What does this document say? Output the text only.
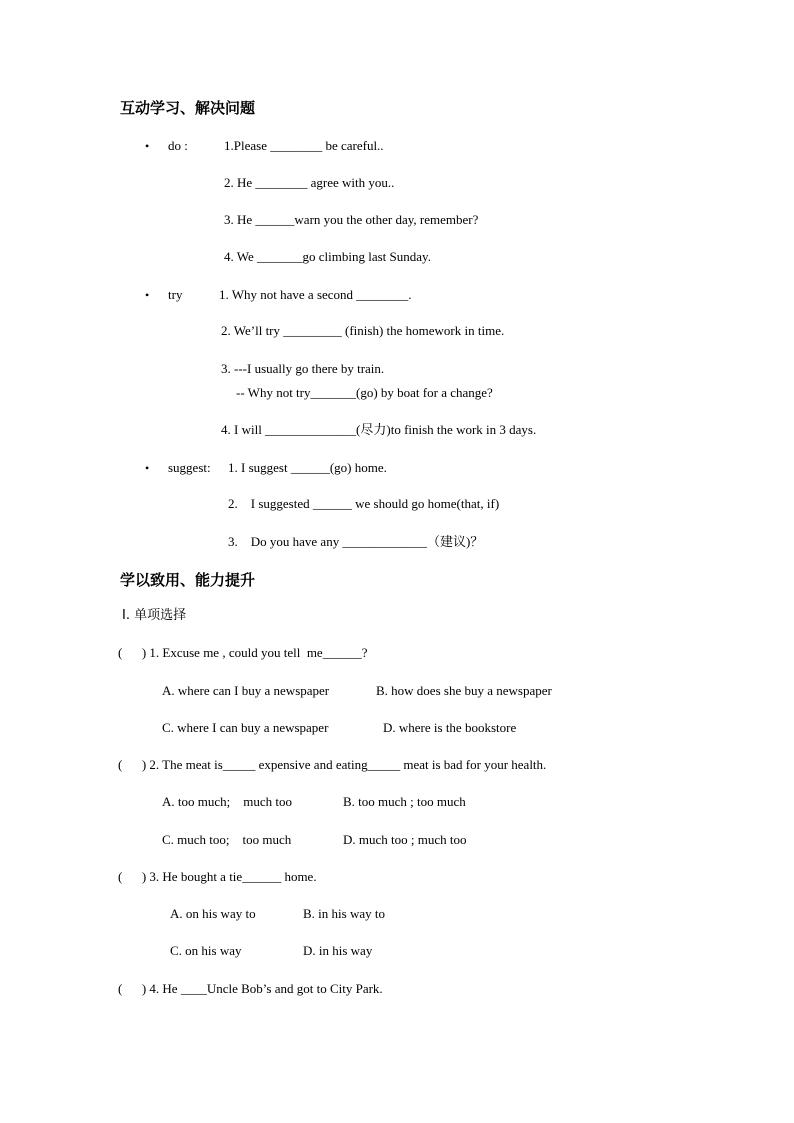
互动学习、解决问题
• do :	1.Please ________ be careful..
2. He ________ agree with you..
3. He ______warn you the other day, remember?
4. We _______go climbing last Sunday.
• try	1. Why not have a second ________.
2. We’ll try _________ (finish) the homework in time.
3. ---I usually go there by train.
-- Why not try_______(go) by boat for a change?
4. I will ______________(尽力)to finish the work in 3 days.
• suggest: 1. I suggest ______(go) home.
2.    I suggested ______ we should go home(that, if)
3.    Do you have any _____________（建议)？
学以致用、能力提升
Ⅰ. 单项选择
(      ) 1. Excuse me , could you tell  me______?
A. where can I buy a newspaper	B. how does she buy a newspaper
C. where I can buy a newspaper	D. where is the bookstore
(      ) 2. The meat is_____ expensive and eating_____ meat is bad for your health.
A. too much;    much too	B. too much ; too much
C. much too;    too much	D. much too ; much too
(      ) 3. He bought a tie______ home.
A. on his way to	B. in his way to
C. on his way	D. in his way
(      ) 4. He ____Uncle Bob’s and got to City Park.
